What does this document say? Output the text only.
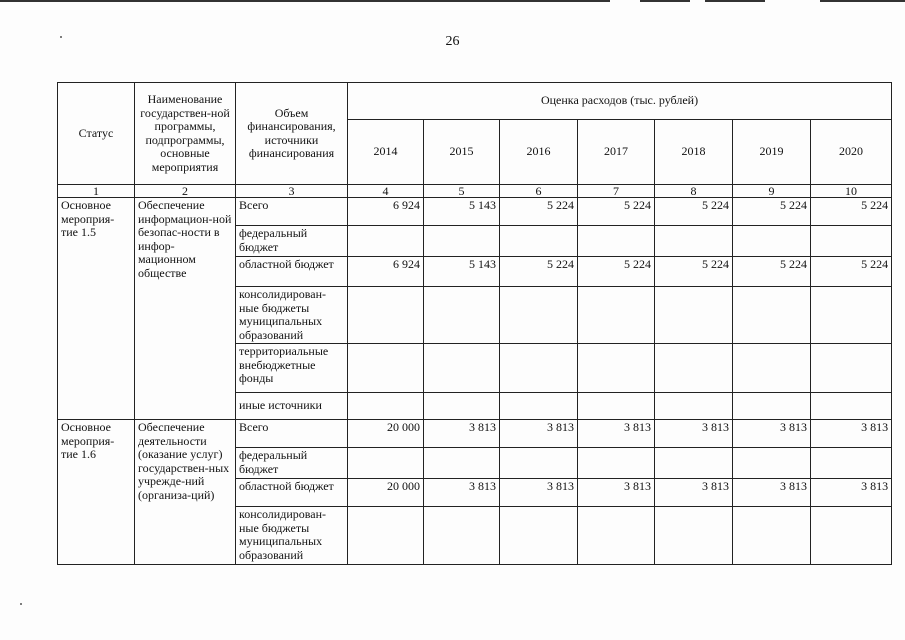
26
Статус	Наименование государствен-ной программы, подпрограммы, основные мероприятия	Объем финансирования, источники финансирования	Оценка расходов (тыс. рублей)						
			2014	2015	2016	2017	2018	2019	2020
1	2	3	4	5	6	7	8	9	10
Основное мероприя-тие 1.5	Обеспечение информацион-ной безопас-ности в инфор-мационном обществе	Всего	6 924	5 143	5 224	5 224	5 224	5 224	5 224
		федеральный бюджет							
		областной бюджет	6 924	5 143	5 224	5 224	5 224	5 224	5 224
		консолидирован-ные бюджеты муниципальных образований							
		территориальные внебюджетные фонды							
		иные источники							
Основное мероприя-тие 1.6	Обеспечение деятельности (оказание услуг) государствен-ных учрежде-ний (организа-ций)	Всего	20 000	3 813	3 813	3 813	3 813	3 813	3 813
		федеральный бюджет							
		областной бюджет	20 000	3 813	3 813	3 813	3 813	3 813	3 813
		консолидирован-ные бюджеты муниципальных образований							
